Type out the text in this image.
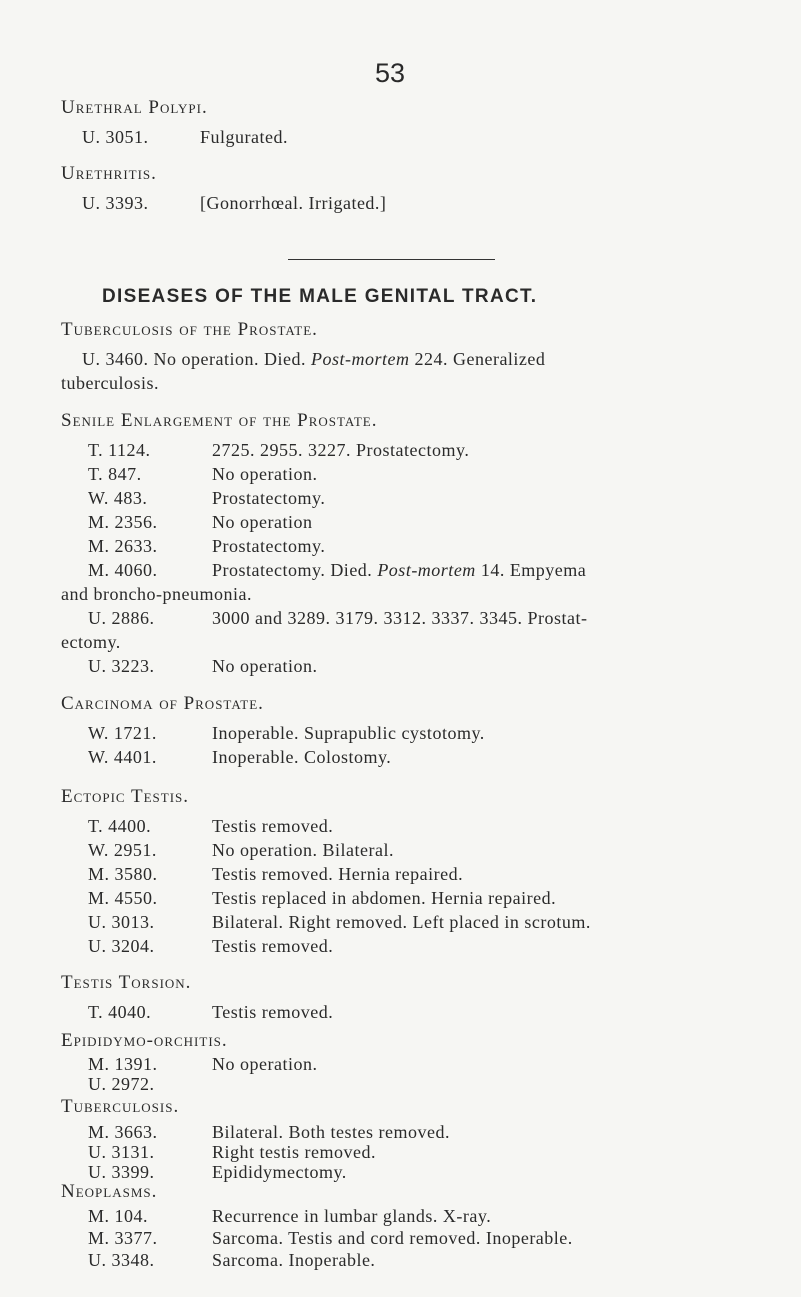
53
Urethral Polypi.
U. 3051.	Fulgurated.
Urethritis.
U. 3393.	[Gonorrhœal. Irrigated.]
DISEASES OF THE MALE GENITAL TRACT.
Tuberculosis of the Prostate.
U. 3460. No operation. Died. Post-mortem 224. Generalized
tuberculosis.
Senile Enlargement of the Prostate.
T. 1124.	2725. 2955. 3227. Prostatectomy.
T. 847.	No operation.
W. 483.	Prostatectomy.
M. 2356.	No operation
M. 2633.	Prostatectomy.
M. 4060.	Prostatectomy. Died. Post-mortem 14. Empyema
and broncho-pneumonia.
U. 2886.	3000 and 3289. 3179. 3312. 3337. 3345. Prostat-
ectomy.
U. 3223.	No operation.
Carcinoma of Prostate.
W. 1721.	Inoperable. Suprapublic cystotomy.
W. 4401.	Inoperable. Colostomy.
Ectopic Testis.
T. 4400.	Testis removed.
W. 2951.	No operation. Bilateral.
M. 3580.	Testis removed. Hernia repaired.
M. 4550.	Testis replaced in abdomen. Hernia repaired.
U. 3013.	Bilateral. Right removed. Left placed in scrotum.
U. 3204.	Testis removed.
Testis Torsion.
T. 4040.	Testis removed.
Epididymo-orchitis.
M. 1391.	No operation.
U. 2972.
Tuberculosis.
M. 3663.	Bilateral. Both testes removed.
U. 3131.	Right testis removed.
U. 3399.	Epididymectomy.
Neoplasms.
M. 104.	Recurrence in lumbar glands. X-ray.
M. 3377.	Sarcoma. Testis and cord removed. Inoperable.
U. 3348.	Sarcoma. Inoperable.
